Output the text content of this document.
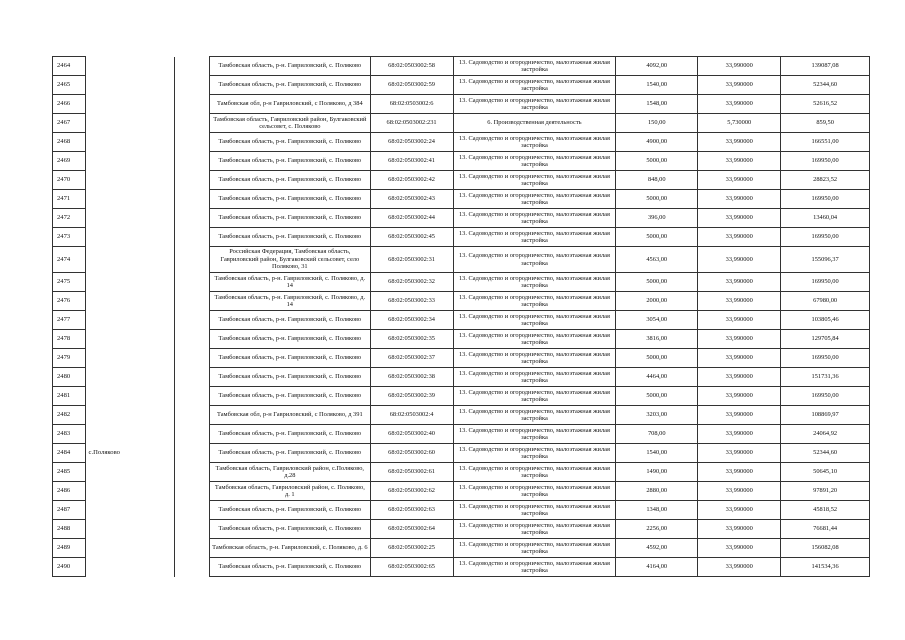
2464			Тамбовская область, р-н. Гавриловский, с. Поляково	68:02:0503002:58	13. Садоводство и огородничество, малоэтажная жилая застройка	4092,00	33,990000	139087,08
2465			Тамбовская область, р-н. Гавриловский, с. Поляково	68:02:0503002:59	13. Садоводство и огородничество, малоэтажная жилая застройка	1540,00	33,990000	52344,60
2466			Тамбовская обл, р-н Гавриловский, с Поляково, д 384	68:02:0503002:6	13. Садоводство и огородничество, малоэтажная жилая застройка	1548,00	33,990000	52616,52
2467			Тамбовская область, Гавриловский район, Булгаковский сельсовет, с. Поляково	68:02:0503002:231	6. Производственная деятельность	150,00	5,730000	859,50
2468			Тамбовская область, р-н. Гавриловский, с. Поляково	68:02:0503002:24	13. Садоводство и огородничество, малоэтажная жилая застройка	4900,00	33,990000	166551,00
2469			Тамбовская область, р-н. Гавриловский, с. Поляково	68:02:0503002:41	13. Садоводство и огородничество, малоэтажная жилая застройка	5000,00	33,990000	169950,00
2470			Тамбовская область, р-н. Гавриловский, с. Поляково	68:02:0503002:42	13. Садоводство и огородничество, малоэтажная жилая застройка	848,00	33,990000	28823,52
2471			Тамбовская область, р-н. Гавриловский, с. Поляково	68:02:0503002:43	13. Садоводство и огородничество, малоэтажная жилая застройка	5000,00	33,990000	169950,00
2472			Тамбовская область, р-н. Гавриловский, с. Поляково	68:02:0503002:44	13. Садоводство и огородничество, малоэтажная жилая застройка	396,00	33,990000	13460,04
2473			Тамбовская область, р-н. Гавриловский, с. Поляково	68:02:0503002:45	13. Садоводство и огородничество, малоэтажная жилая застройка	5000,00	33,990000	169950,00
2474			Российская Федерация, Тамбовская область, Гавриловский район, Булгаковский сельсовет, село Поляково, 31	68:02:0503002:31	13. Садоводство и огородничество, малоэтажная жилая застройка	4563,00	33,990000	155096,37
2475			Тамбовская область, р-н. Гавриловский, с. Поляково, д. 14	68:02:0503002:32	13. Садоводство и огородничество, малоэтажная жилая застройка	5000,00	33,990000	169950,00
2476			Тамбовская область, р-н. Гавриловский, с. Поляково, д. 14	68:02:0503002:33	13. Садоводство и огородничество, малоэтажная жилая застройка	2000,00	33,990000	67980,00
2477			Тамбовская область, р-н. Гавриловский, с. Поляково	68:02:0503002:34	13. Садоводство и огородничество, малоэтажная жилая застройка	3054,00	33,990000	103805,46
2478			Тамбовская область, р-н. Гавриловский, с. Поляково	68:02:0503002:35	13. Садоводство и огородничество, малоэтажная жилая застройка	3816,00	33,990000	129705,84
2479			Тамбовская область, р-н. Гавриловский, с. Поляково	68:02:0503002:37	13. Садоводство и огородничество, малоэтажная жилая застройка	5000,00	33,990000	169950,00
2480			Тамбовская область, р-н. Гавриловский, с. Поляково	68:02:0503002:38	13. Садоводство и огородничество, малоэтажная жилая застройка	4464,00	33,990000	151731,36
2481			Тамбовская область, р-н. Гавриловский, с. Поляково	68:02:0503002:39	13. Садоводство и огородничество, малоэтажная жилая застройка	5000,00	33,990000	169950,00
2482			Тамбовская обл, р-н Гавриловский, с Поляково, д 391	68:02:0503002:4	13. Садоводство и огородничество, малоэтажная жилая застройка	3203,00	33,990000	108869,97
2483			Тамбовская область, р-н. Гавриловский, с. Поляково	68:02:0503002:40	13. Садоводство и огородничество, малоэтажная жилая застройка	708,00	33,990000	24064,92
2484	с.Поляково		Тамбовская область, р-н. Гавриловский, с. Поляково	68:02:0503002:60	13. Садоводство и огородничество, малоэтажная жилая застройка	1540,00	33,990000	52344,60
2485			Тамбовская область, Гавриловский район, с.Поляково, д.28	68:02:0503002:61	13. Садоводство и огородничество, малоэтажная жилая застройка	1490,00	33,990000	50645,10
2486			Тамбовская область, Гавриловский район, с. Поляково, д. 1	68:02:0503002:62	13. Садоводство и огородничество, малоэтажная жилая застройка	2880,00	33,990000	97891,20
2487			Тамбовская область, р-н. Гавриловский, с. Поляково	68:02:0503002:63	13. Садоводство и огородничество, малоэтажная жилая застройка	1348,00	33,990000	45818,52
2488			Тамбовская область, р-н. Гавриловский, с. Поляково	68:02:0503002:64	13. Садоводство и огородничество, малоэтажная жилая застройка	2256,00	33,990000	76681,44
2489			Тамбовская область, р-н. Гавриловский, с. Поляково, д. 6	68:02:0503002:25	13. Садоводство и огородничество, малоэтажная жилая застройка	4592,00	33,990000	156082,08
2490			Тамбовская область, р-н. Гавриловский, с. Поляково	68:02:0503002:65	13. Садоводство и огородничество, малоэтажная жилая застройка	4164,00	33,990000	141534,36
